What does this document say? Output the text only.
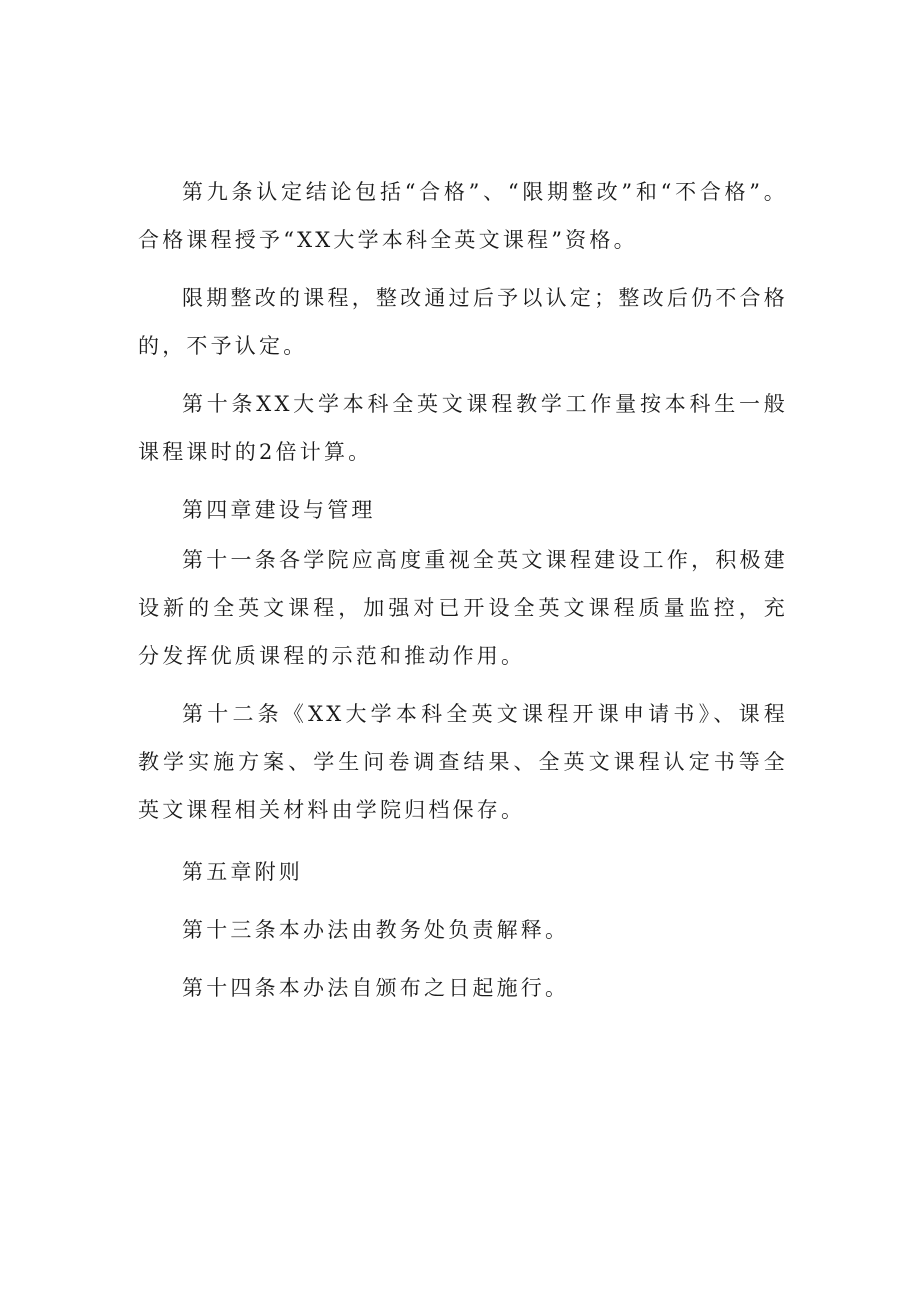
第九条认定结论包括“合格”、“限期整改”和“不合格”。合格课程授予“XX大学本科全英文课程”资格。

限期整改的课程，整改通过后予以认定；整改后仍不合格的，不予认定。

第十条XX大学本科全英文课程教学工作量按本科生一般课程课时的2倍计算。

第四章建设与管理

第十一条各学院应高度重视全英文课程建设工作，积极建设新的全英文课程，加强对已开设全英文课程质量监控，充分发挥优质课程的示范和推动作用。

第十二条《XX大学本科全英文课程开课申请书》、课程教学实施方案、学生问卷调查结果、全英文课程认定书等全英文课程相关材料由学院归档保存。

第五章附则

第十三条本办法由教务处负责解释。

第十四条本办法自颁布之日起施行。
